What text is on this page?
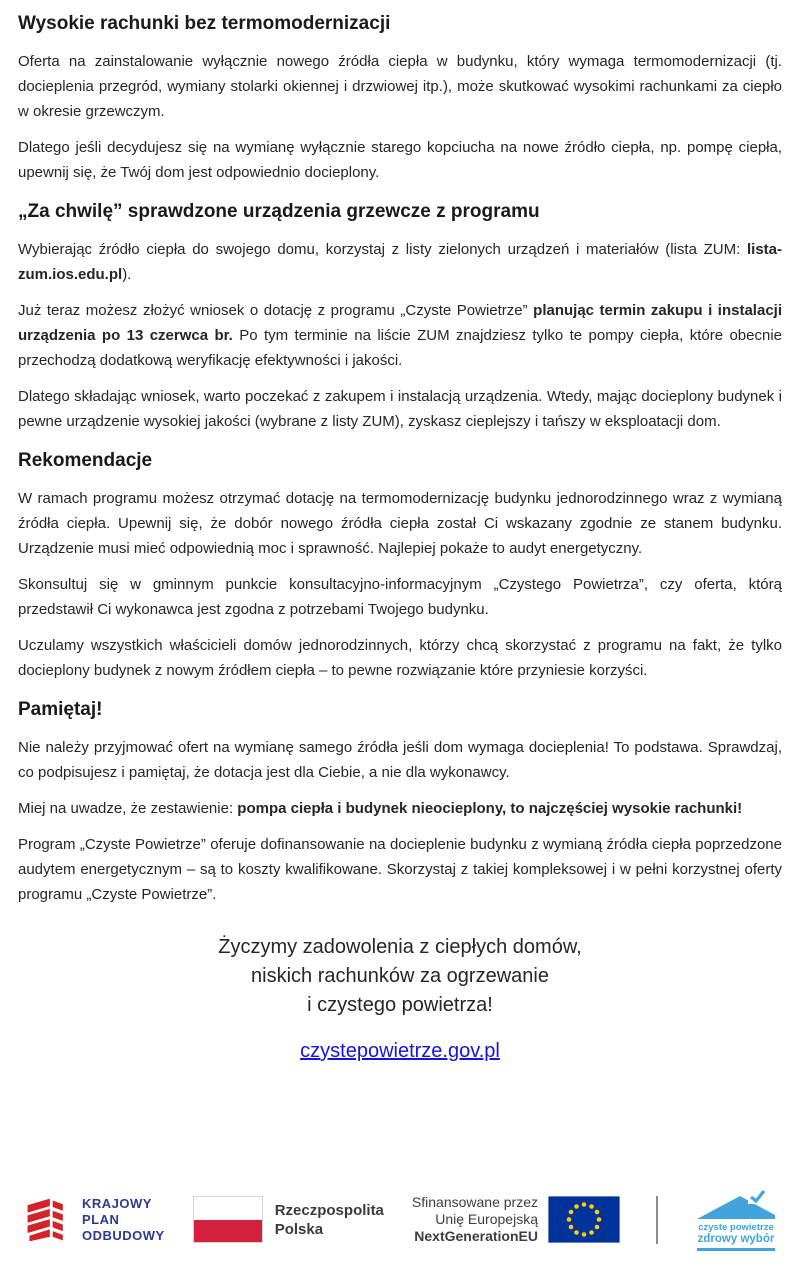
Wysokie rachunki bez termomodernizacji

Oferta na zainstalowanie wyłącznie nowego źródła ciepła w budynku, który wymaga termomodernizacji (tj. docieplenia przegród, wymiany stolarki okiennej i drzwiowej itp.), może skutkować wysokimi rachunkami za ciepło w okresie grzewczym.

Dlatego jeśli decydujesz się na wymianę wyłącznie starego kopciucha na nowe źródło ciepła, np. pompę ciepła, upewnij się, że Twój dom jest odpowiednio docieplony.

„Za chwilę” sprawdzone urządzenia grzewcze z programu

Wybierając źródło ciepła do swojego domu, korzystaj z listy zielonych urządzeń i materiałów (lista ZUM: lista-zum.ios.edu.pl).

Już teraz możesz złożyć wniosek o dotację z programu „Czyste Powietrze” planując termin zakupu i instalacji urządzenia po 13 czerwca br. Po tym terminie na liście ZUM znajdziesz tylko te pompy ciepła, które obecnie przechodzą dodatkową weryfikację efektywności i jakości.

Dlatego składając wniosek, warto poczekać z zakupem i instalacją urządzenia. Wtedy, mając docieplony budynek i pewne urządzenie wysokiej jakości (wybrane z listy ZUM), zyskasz cieplejszy i tańszy w eksploatacji dom.

Rekomendacje

W ramach programu możesz otrzymać dotację na termomodernizację budynku jednorodzinnego wraz z wymianą źródła ciepła. Upewnij się, że dobór nowego źródła ciepła został Ci wskazany zgodnie ze stanem budynku. Urządzenie musi mieć odpowiednią moc i sprawność. Najlepiej pokaże to audyt energetyczny.

Skonsultuj się w gminnym punkcie konsultacyjno-informacyjnym „Czystego Powietrza”, czy oferta, którą przedstawił Ci wykonawca jest zgodna z potrzebami Twojego budynku.

Uczulamy wszystkich właścicieli domów jednorodzinnych, którzy chcą skorzystać z programu na fakt, że tylko docieplony budynek z nowym źródłem ciepła – to pewne rozwiązanie które przyniesie korzyści.

Pamiętaj!

Nie należy przyjmować ofert na wymianę samego źródła jeśli dom wymaga docieplenia! To podstawa. Sprawdzaj, co podpisujesz i pamiętaj, że dotacja jest dla Ciebie, a nie dla wykonawcy.

Miej na uwadze, że zestawienie: pompa ciepła i budynek nieocieplony, to najczęściej wysokie rachunki!

Program „Czyste Powietrze” oferuje dofinansowanie na docieplenie budynku z wymianą źródła ciepła poprzedzone audytem energetycznym – są to koszty kwalifikowane. Skorzystaj z takiej kompleksowej i w pełni korzystnej oferty programu „Czyste Powietrze”.

Życzymy zadowolenia z ciepłych domów,
niskich rachunków za ogrzewanie
i czystego powietrza!
czystepowietrze.gov.pl
KRAJOWY
PLAN
ODBUDOWY
Rzeczpospolita
Polska
Sfinansowane przez
Unię Europejską
NextGenerationEU
czyste powietrze
zdrowy wybór
